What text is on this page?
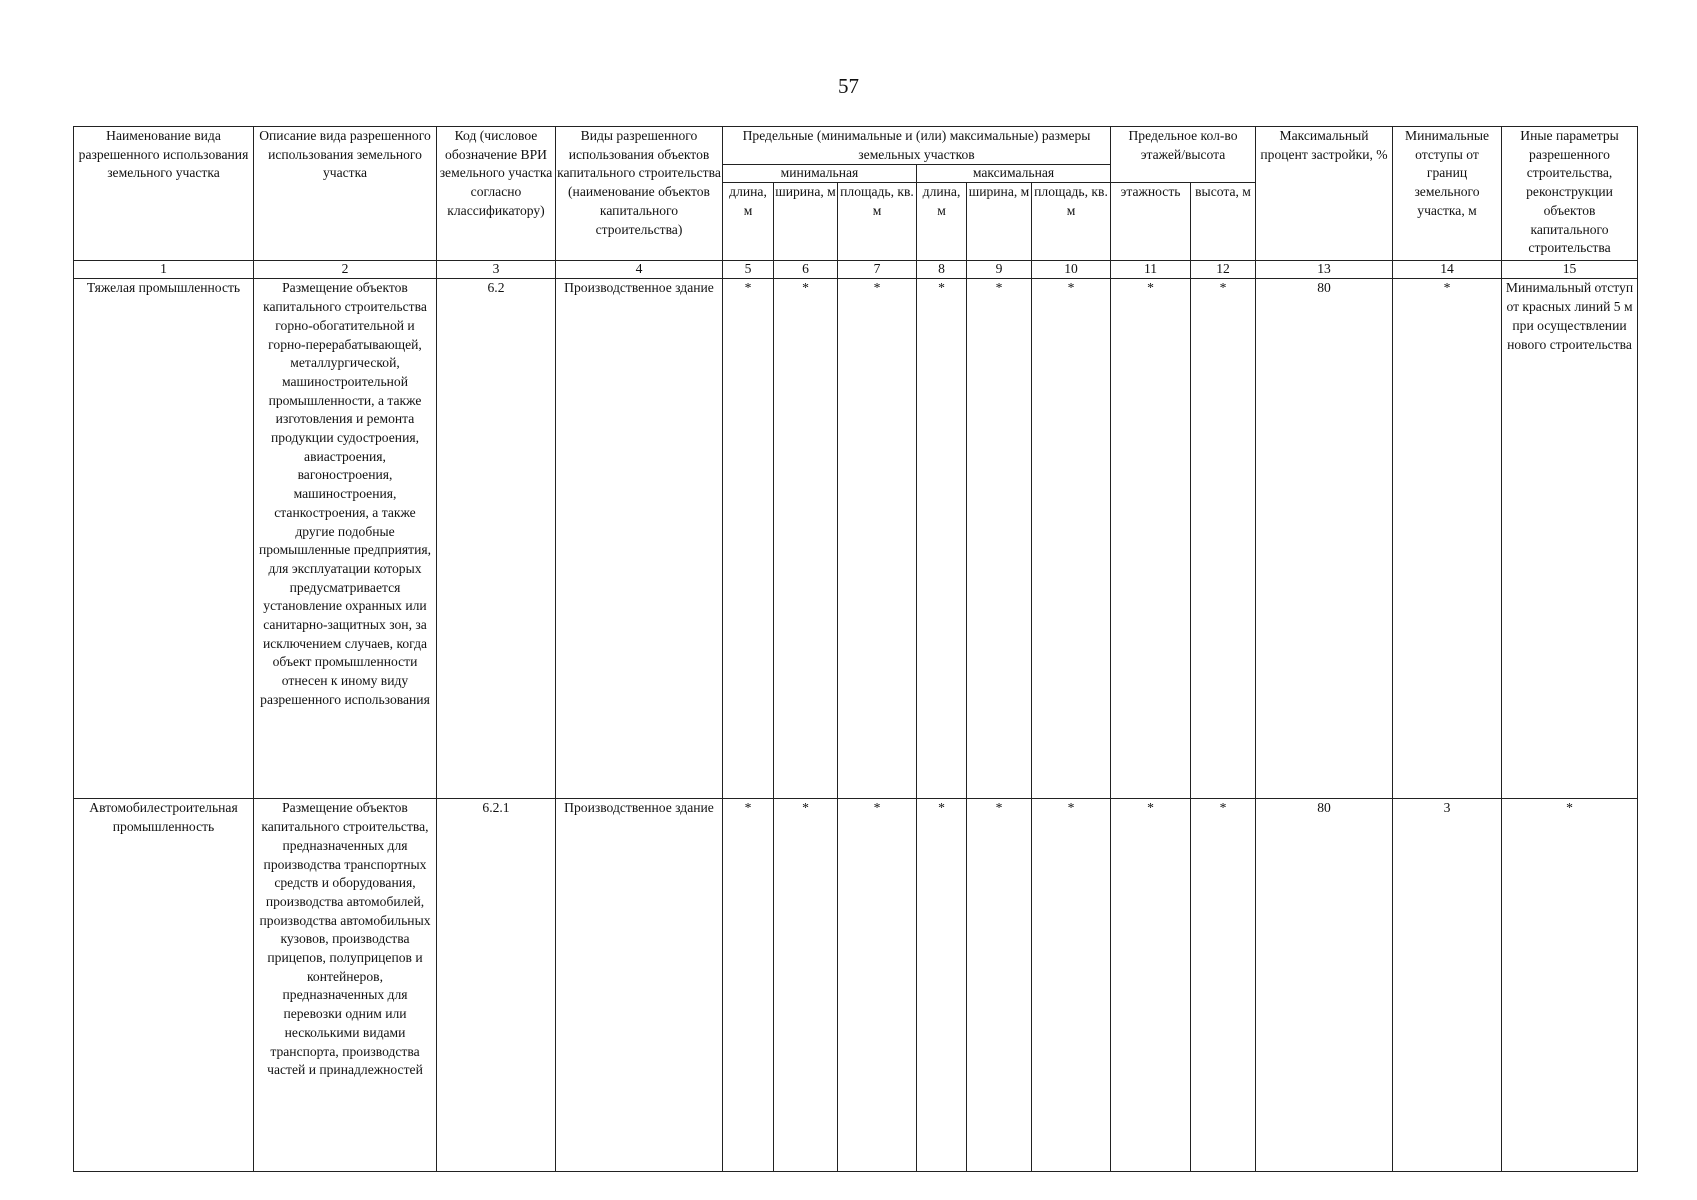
57
Наименование вида разрешенного использования земельного участка	Описание вида разрешенного использования земельного участка	Код (числовое обозначение ВРИ земельного участка согласно классификатору)	Виды разрешенного использования объектов капитального строительства (наименование объектов капитального строительства)	Предельные (минимальные и (или) максимальные) размеры земельных участков						Предельное кол-во этажей/высота		Максимальный процент застройки, %	Минимальные отступы от границ земельного участка, м	Иные параметры разрешенного строительства, реконструкции объектов капитального строительства
				минимальная			максимальная							
				длина, м	ширина, м	площадь, кв. м	длина, м	ширина, м	площадь, кв. м	этажность	высота, м			
1	2	3	4	5	6	7	8	9	10	11	12	13	14	15
Тяжелая промышленность	Размещение объектов капитального строительства горно-обогатительной и горно-перерабатывающей, металлургической, машиностроительной промышленности, а также изготовления и ремонта продукции судостроения, авиастроения, вагоностроения, машиностроения, станкостроения, а также другие подобные промышленные предприятия, для эксплуатации которых предусматривается установление охранных или санитарно-защитных зон, за исключением случаев, когда объект промышленности отнесен к иному виду разрешенного использования	6.2	Производственное здание	*	*	*	*	*	*	*	*	80	*	Минимальный отступ от красных линий 5 м при осуществлении нового строительства
Автомобилестроительная промышленность	Размещение объектов капитального строительства, предназначенных для производства транспортных средств и оборудования, производства автомобилей, производства автомобильных кузовов, производства прицепов, полуприцепов и контейнеров, предназначенных для перевозки одним или несколькими видами транспорта, производства частей и принадлежностей	6.2.1	Производственное здание	*	*	*	*	*	*	*	*	80	3	*
